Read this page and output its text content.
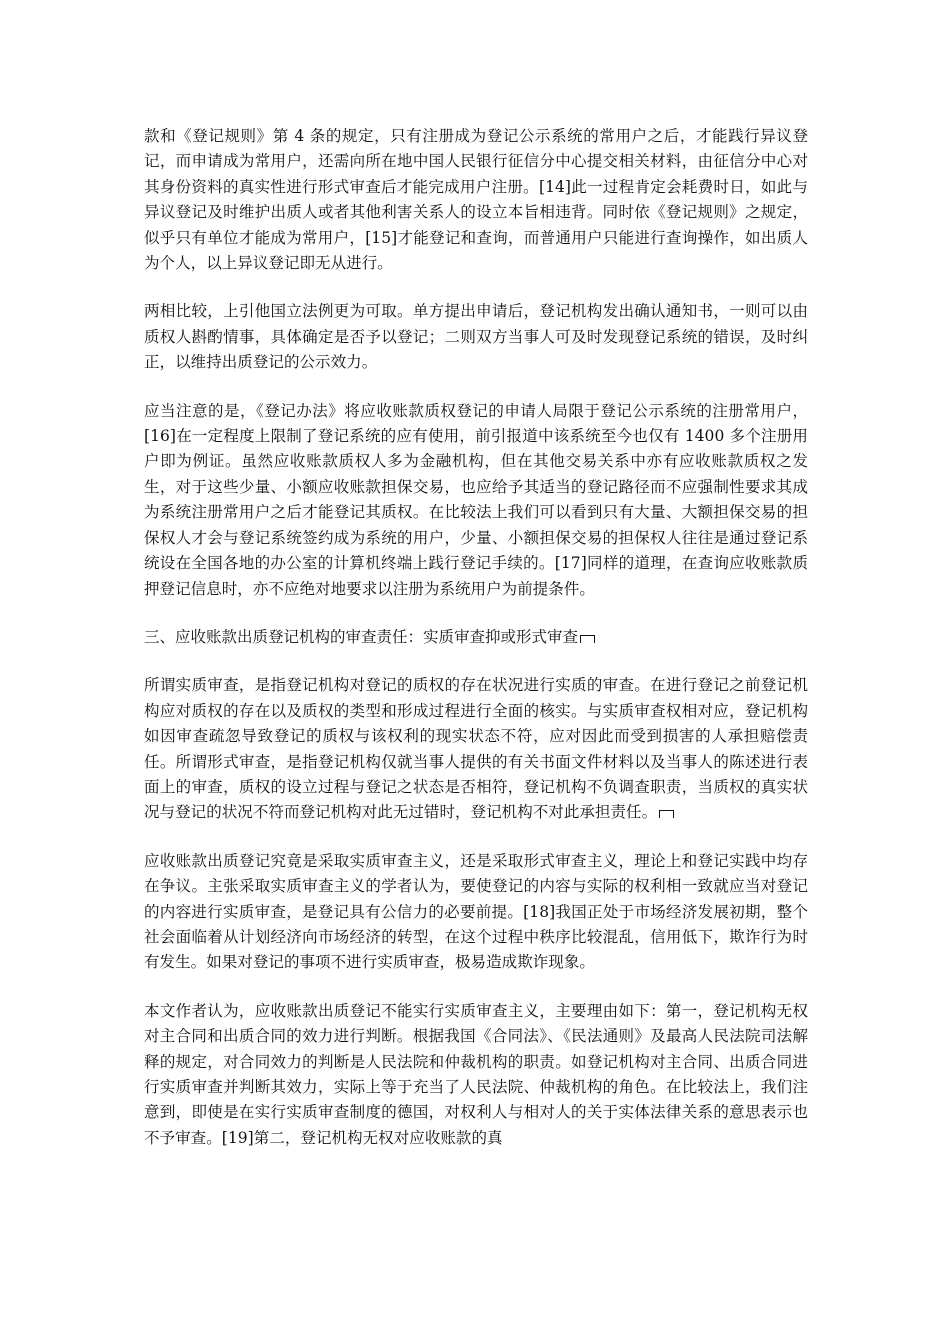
款和《登记规则》第 4 条的规定，只有注册成为登记公示系统的常用户之后，才能践行异议登记，而申请成为常用户，还需向所在地中国人民银行征信分中心提交相关材料，由征信分中心对其身份资料的真实性进行形式审查后才能完成用户注册。[14]此一过程肯定会耗费时日，如此与异议登记及时维护出质人或者其他利害关系人的设立本旨相违背。同时依《登记规则》之规定，似乎只有单位才能成为常用户，[15]才能登记和查询，而普通用户只能进行查询操作，如出质人为个人，以上异议登记即无从进行。

两相比较，上引他国立法例更为可取。单方提出申请后，登记机构发出确认通知书，一则可以由质权人斟酌情事，具体确定是否予以登记；二则双方当事人可及时发现登记系统的错误，及时纠正，以维持出质登记的公示效力。

应当注意的是，《登记办法》将应收账款质权登记的申请人局限于登记公示系统的注册常用户，[16]在一定程度上限制了登记系统的应有使用，前引报道中该系统至今也仅有 1400 多个注册用户即为例证。虽然应收账款质权人多为金融机构，但在其他交易关系中亦有应收账款质权之发生，对于这些少量、小额应收账款担保交易，也应给予其适当的登记路径而不应强制性要求其成为系统注册常用户之后才能登记其质权。在比较法上我们可以看到只有大量、大额担保交易的担保权人才会与登记系统签约成为系统的用户，少量、小额担保交易的担保权人往往是通过登记系统设在全国各地的办公室的计算机终端上践行登记手续的。[17]同样的道理，在查询应收账款质押登记信息时，亦不应绝对地要求以注册为系统用户为前提条件。

三、应收账款出质登记机构的审查责任：实质审查抑或形式审查

所谓实质审查，是指登记机构对登记的质权的存在状况进行实质的审查。在进行登记之前登记机构应对质权的存在以及质权的类型和形成过程进行全面的核实。与实质审查权相对应，登记机构如因审查疏忽导致登记的质权与该权利的现实状态不符，应对因此而受到损害的人承担赔偿责任。所谓形式审查，是指登记机构仅就当事人提供的有关书面文件材料以及当事人的陈述进行表面上的审查，质权的设立过程与登记之状态是否相符，登记机构不负调查职责，当质权的真实状况与登记的状况不符而登记机构对此无过错时，登记机构不对此承担责任。

应收账款出质登记究竟是采取实质审查主义，还是采取形式审查主义，理论上和登记实践中均存在争议。主张采取实质审查主义的学者认为，要使登记的内容与实际的权利相一致就应当对登记的内容进行实质审查，是登记具有公信力的必要前提。[18]我国正处于市场经济发展初期，整个社会面临着从计划经济向市场经济的转型，在这个过程中秩序比较混乱，信用低下，欺诈行为时有发生。如果对登记的事项不进行实质审查，极易造成欺诈现象。

本文作者认为，应收账款出质登记不能实行实质审查主义，主要理由如下：第一，登记机构无权对主合同和出质合同的效力进行判断。根据我国《合同法》、《民法通则》及最高人民法院司法解释的规定，对合同效力的判断是人民法院和仲裁机构的职责。如登记机构对主合同、出质合同进行实质审查并判断其效力，实际上等于充当了人民法院、仲裁机构的角色。在比较法上，我们注意到，即使是在实行实质审查制度的德国，对权利人与相对人的关于实体法律关系的意思表示也不予审查。[19]第二，登记机构无权对应收账款的真
